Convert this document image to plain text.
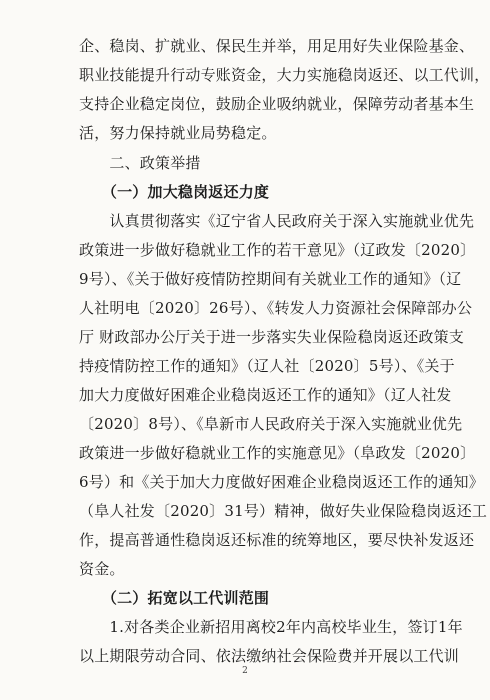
企、稳岗、扩就业、保民生并举，用足用好失业保险基金、
职业技能提升行动专账资金，大力实施稳岗返还、以工代训，
支持企业稳定岗位，鼓励企业吸纳就业，保障劳动者基本生
活，努力保持就业局势稳定。
　　二、政策举措
　　（一）加大稳岗返还力度
　　认真贯彻落实《辽宁省人民政府关于深入实施就业优先
政策进一步做好稳就业工作的若干意见》（辽政发〔2020〕
9号）、《关于做好疫情防控期间有关就业工作的通知》（辽
人社明电〔2020〕26号）、《转发人力资源社会保障部办公
厅 财政部办公厅关于进一步落实失业保险稳岗返还政策支
持疫情防控工作的通知》（辽人社〔2020〕5号）、《关于
加大力度做好困难企业稳岗返还工作的通知》（辽人社发
〔2020〕8号）、《阜新市人民政府关于深入实施就业优先
政策进一步做好稳就业工作的实施意见》（阜政发〔2020〕
6号）和《关于加大力度做好困难企业稳岗返还工作的通知》
（阜人社发〔2020〕31号）精神，做好失业保险稳岗返还工
作，提高普通性稳岗返还标准的统筹地区，要尽快补发返还
资金。
　　（二）拓宽以工代训范围
　　1.对各类企业新招用离校2年内高校毕业生，签订1年
以上期限劳动合同、依法缴纳社会保险费并开展以工代训
2
